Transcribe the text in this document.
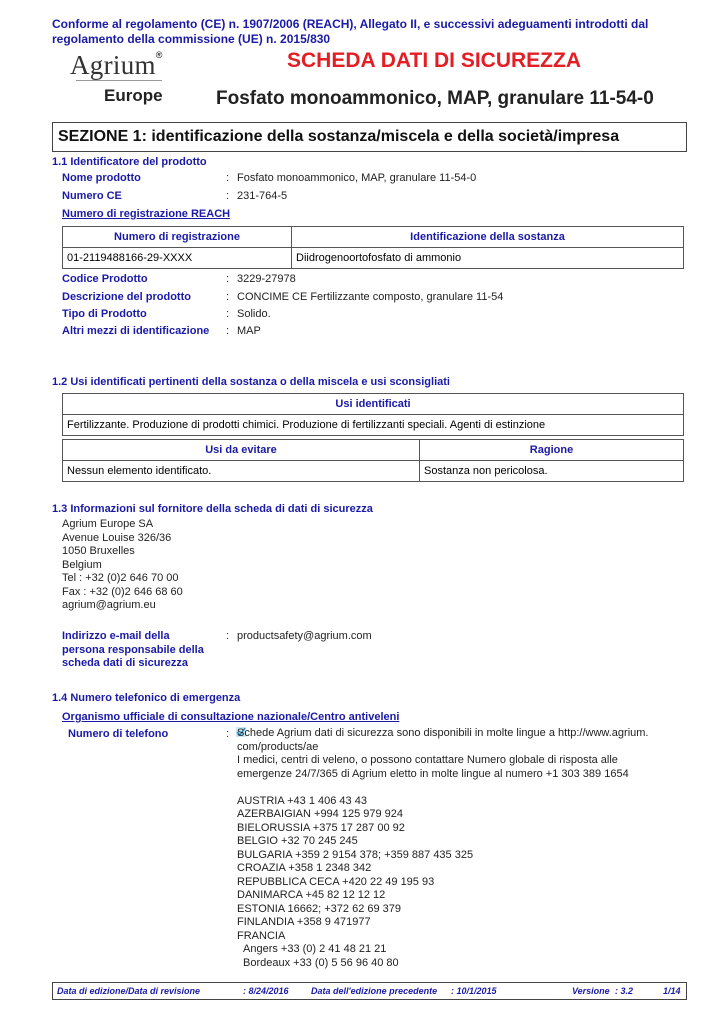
Conforme al regolamento (CE) n. 1907/2006 (REACH), Allegato II, e successivi adeguamenti introdotti dal regolamento della commissione (UE) n. 2015/830
Agrium®
Europe
SCHEDA DATI DI SICUREZZA
Fosfato monoammonico, MAP, granulare 11-54-0
SEZIONE 1: identificazione della sostanza/miscela e della società/impresa
1.1 Identificatore del prodotto
Nome prodotto	: Fosfato monoammonico, MAP, granulare 11-54-0
Numero CE	: 231-764-5
Numero di registrazione REACH
Numero di registrazione	Identificazione della sostanza
01-2119488166-29-XXXX	Diidrogenoortofosfato di ammonio
Codice Prodotto	: 3229-27978
Descrizione del prodotto	: CONCIME CE Fertilizzante composto, granulare 11-54
Tipo di Prodotto	: Solido.
Altri mezzi di identificazione : MAP
1.2 Usi identificati pertinenti della sostanza o della miscela e usi sconsigliati
Usi identificati
Fertilizzante. Produzione di prodotti chimici. Produzione di fertilizzanti speciali. Agenti di estinzione
Usi da evitare	Ragione
Nessun elemento identificato.	Sostanza non pericolosa.
1.3 Informazioni sul fornitore della scheda di dati di sicurezza
Agrium Europe SA
Avenue Louise 326/36
1050 Bruxelles
Belgium
Tel : +32 (0)2 646 70 00
Fax : +32 (0)2 646 68 60
agrium@agrium.eu
Indirizzo e-mail della
persona responsabile della
scheda dati di sicurezza
: productsafety@agrium.com
1.4 Numero telefonico di emergenza
Organismo ufficiale di consultazione nazionale/Centro antiveleni
Numero di telefono	: Schede Agrium dati di sicurezza sono disponibili in molte lingue a http://www.agrium.
com/products/ae
I medici, centri di veleno, o possono contattare Numero globale di risposta alle
emergenze 24/7/365 di Agrium eletto in molte lingue al numero +1 303 389 1654
AUSTRIA +43 1 406 43 43
AZERBAIGIAN +994 125 979 924
BIELORUSSIA +375 17 287 00 92
BELGIO +32 70 245 245
BULGARIA +359 2 9154 378; +359 887 435 325
CROAZIA +358 1 2348 342
REPUBBLICA CECA +420 22 49 195 93
DANIMARCA +45 82 12 12 12
ESTONIA 16662; +372 62 69 379
FINLANDIA +358 9 471977
FRANCIA
Angers +33 (0) 2 41 48 21 21
Bordeaux +33 (0) 5 56 96 40 80
Data di edizione/Data di revisione	: 8/24/2016 Data dell'edizione precedente : 10/1/2015	Versione : 3.2	1/14
